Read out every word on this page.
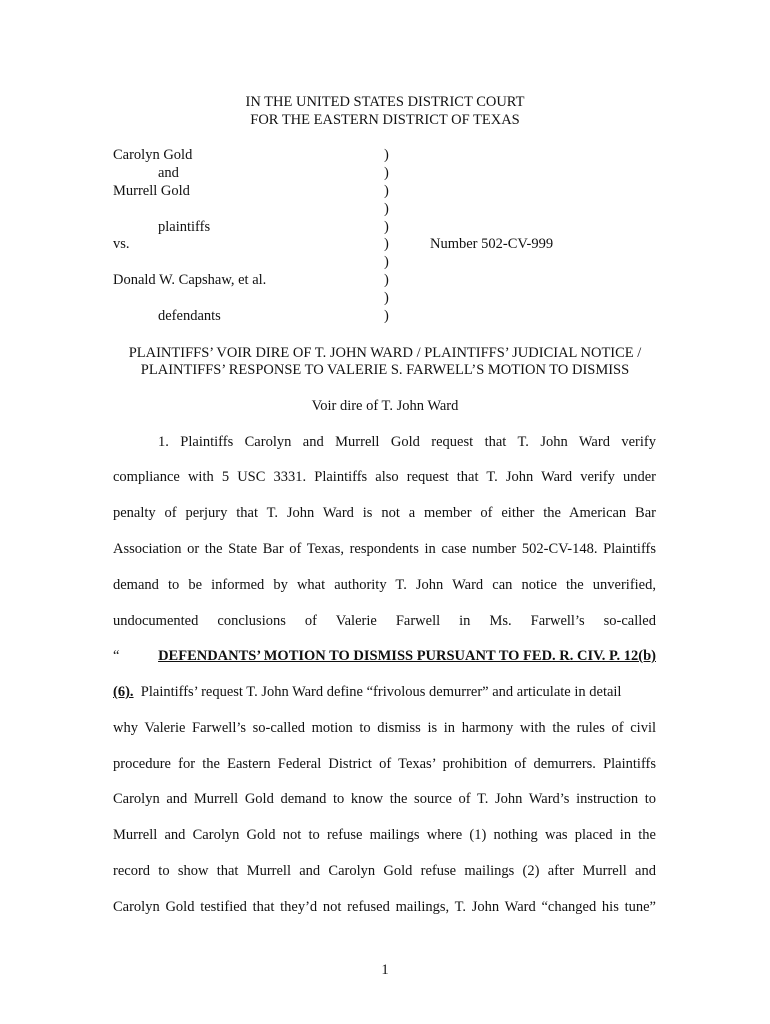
IN THE UNITED STATES DISTRICT COURT
FOR THE EASTERN DISTRICT OF TEXAS
Carolyn Gold
and
Murrell Gold
plaintiffs
vs.
Donald W. Capshaw, et al.
defendants
)
)
)
)
)
)
)
)
)
)
Number 502-CV-999
PLAINTIFFS’ VOIR DIRE OF T. JOHN WARD / PLAINTIFFS’ JUDICIAL NOTICE /
PLAINTIFFS’ RESPONSE TO VALERIE S. FARWELL’S MOTION TO DISMISS
Voir dire of T. John Ward
1. Plaintiffs Carolyn and Murrell Gold request that T. John Ward verify
compliance with 5 USC 3331. Plaintiffs also request that T. John Ward verify under
penalty of perjury that T. John Ward is not a member of either the American Bar
Association or the State Bar of Texas, respondents in case number 502-CV-148. Plaintiffs
demand to be informed by what authority T. John Ward can notice the unverified,
undocumented conclusions of Valerie Farwell in Ms. Farwell’s so-called
“	DEFENDANTS’ MOTION TO DISMISS PURSUANT TO FED. R. CIV. P. 12(b)
(6). Plaintiffs’ request T. John Ward define “frivolous demurrer” and articulate in detail
why Valerie Farwell’s so-called motion to dismiss is in harmony with the rules of civil
procedure for the Eastern Federal District of Texas’ prohibition of demurrers. Plaintiffs
Carolyn and Murrell Gold demand to know the source of T. John Ward’s instruction to
Murrell and Carolyn Gold not to refuse mailings where (1) nothing was placed in the
record to show that Murrell and Carolyn Gold refuse mailings (2) after Murrell and
Carolyn Gold testified that they’d not refused mailings, T. John Ward “changed his tune”
1
